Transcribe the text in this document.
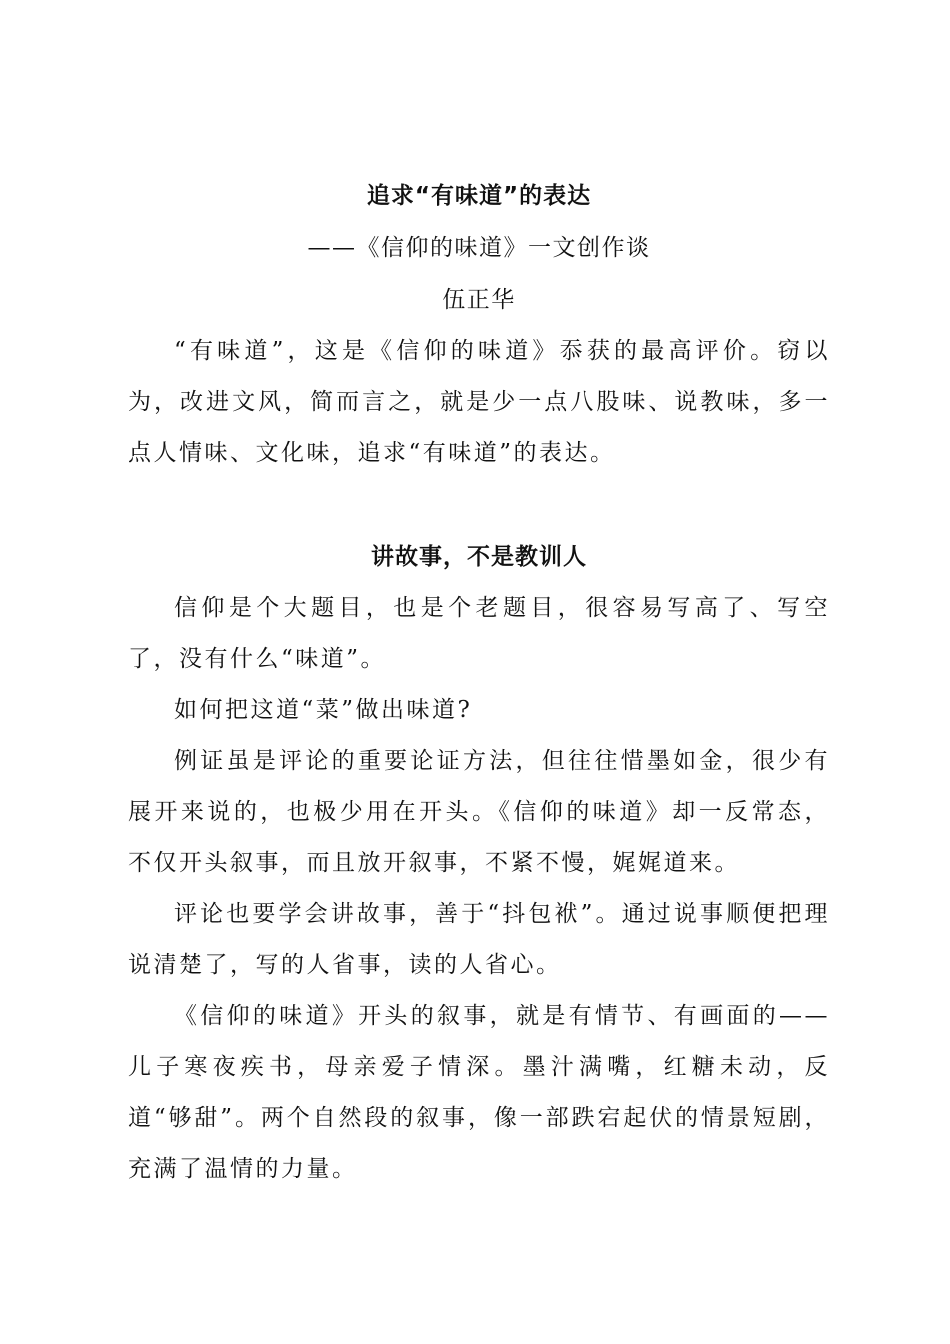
追求“有味道”的表达

——《信仰的味道》一文创作谈

伍正华

“有味道”，这是《信仰的味道》忝获的最高评价。窃以为，改进文风，简而言之，就是少一点八股味、说教味，多一点人情味、文化味，追求“有味道”的表达。

讲故事，不是教训人

信仰是个大题目，也是个老题目，很容易写高了、写空了，没有什么“味道”。

如何把这道“菜”做出味道?

例证虽是评论的重要论证方法，但往往惜墨如金，很少有展开来说的，也极少用在开头。《信仰的味道》却一反常态，不仅开头叙事，而且放开叙事，不紧不慢，娓娓道来。

评论也要学会讲故事，善于“抖包袱”。通过说事顺便把理说清楚了，写的人省事，读的人省心。

《信仰的味道》开头的叙事，就是有情节、有画面的——儿子寒夜疾书，母亲爱子情深。墨汁满嘴，红糖未动，反道“够甜”。两个自然段的叙事，像一部跌宕起伏的情景短剧，充满了温情的力量。
